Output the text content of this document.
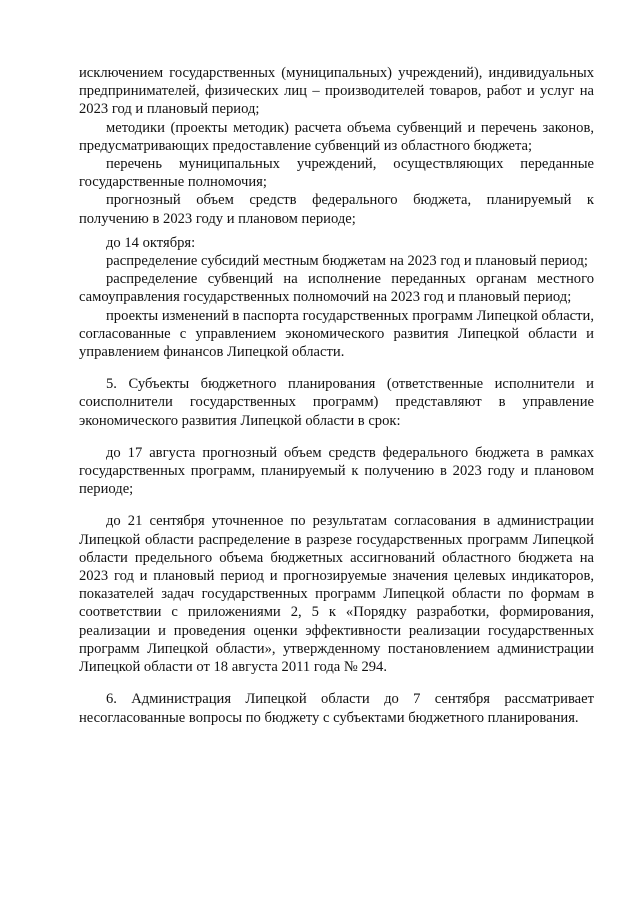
исключением государственных (муниципальных) учреждений), индивидуальных предпринимателей, физических лиц – производителей товаров, работ и услуг на 2023 год и плановый период;

методики (проекты методик) расчета объема субвенций и перечень законов, предусматривающих предоставление субвенций из областного бюджета;

перечень муниципальных учреждений, осуществляющих переданные государственные полномочия;

прогнозный объем средств федерального бюджета, планируемый к получению в 2023 году и плановом периоде;

до 14 октября:

распределение субсидий местным бюджетам на 2023 год и плановый период;

распределение субвенций на исполнение переданных органам местного самоуправления государственных полномочий на 2023 год и плановый период;

проекты изменений в паспорта государственных программ Липецкой области, согласованные с управлением экономического развития Липецкой области и управлением финансов Липецкой области.

5. Субъекты бюджетного планирования (ответственные исполнители и соисполнители государственных программ) представляют в управление экономического развития Липецкой области в срок:

до 17 августа прогнозный объем средств федерального бюджета в рамках государственных программ, планируемый к получению в 2023 году и плановом периоде;

до 21 сентября уточненное по результатам согласования в администрации Липецкой области распределение в разрезе государственных программ Липецкой области предельного объема бюджетных ассигнований областного бюджета на 2023 год и плановый период и прогнозируемые значения целевых индикаторов, показателей задач государственных программ Липецкой области по формам в соответствии с приложениями 2, 5 к «Порядку разработки, формирования, реализации и проведения оценки эффективности реализации государственных программ Липецкой области», утвержденному постановлением администрации Липецкой области от 18 августа 2011 года № 294.

6. Администрация Липецкой области до 7 сентября рассматривает несогласованные вопросы по бюджету с субъектами бюджетного планирования.
